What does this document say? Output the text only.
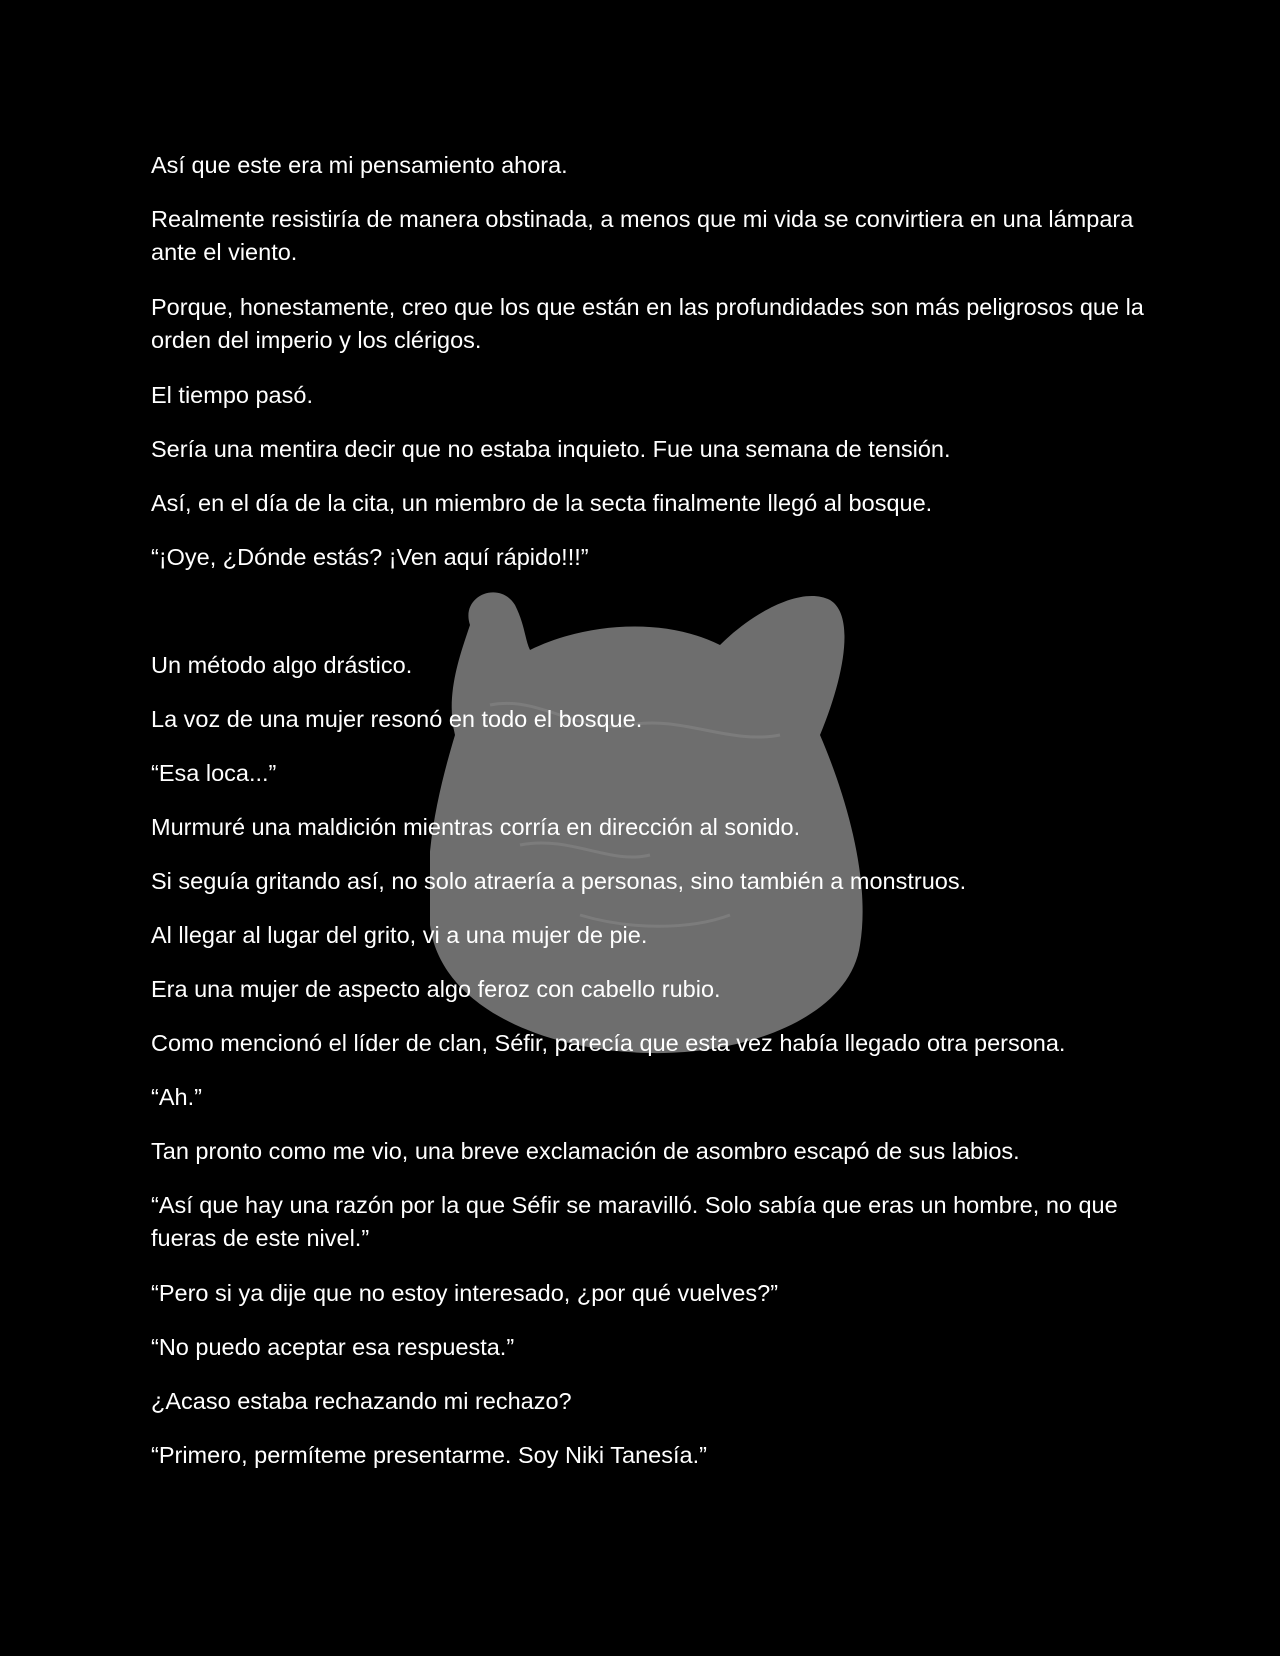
Así que este era mi pensamiento ahora.

Realmente resistiría de manera obstinada, a menos que mi vida se convirtiera en una lámpara ante el viento.

Porque, honestamente, creo que los que están en las profundidades son más peligrosos que la orden del imperio y los clérigos.

El tiempo pasó.

Sería una mentira decir que no estaba inquieto. Fue una semana de tensión.

Así, en el día de la cita, un miembro de la secta finalmente llegó al bosque.

“¡Oye, ¿Dónde estás? ¡Ven aquí rápido!!!”

Un método algo drástico.

La voz de una mujer resonó en todo el bosque.

“Esa loca...”

Murmuré una maldición mientras corría en dirección al sonido.

Si seguía gritando así, no solo atraería a personas, sino también a monstruos.

Al llegar al lugar del grito, vi a una mujer de pie.

Era una mujer de aspecto algo feroz con cabello rubio.

Como mencionó el líder de clan, Séfir, parecía que esta vez había llegado otra persona.

“Ah.”

Tan pronto como me vio, una breve exclamación de asombro escapó de sus labios.

“Así que hay una razón por la que Séfir se maravilló. Solo sabía que eras un hombre, no que fueras de este nivel.”

“Pero si ya dije que no estoy interesado, ¿por qué vuelves?”

“No puedo aceptar esa respuesta.”

¿Acaso estaba rechazando mi rechazo?

“Primero, permíteme presentarme. Soy Niki Tanesía.”
